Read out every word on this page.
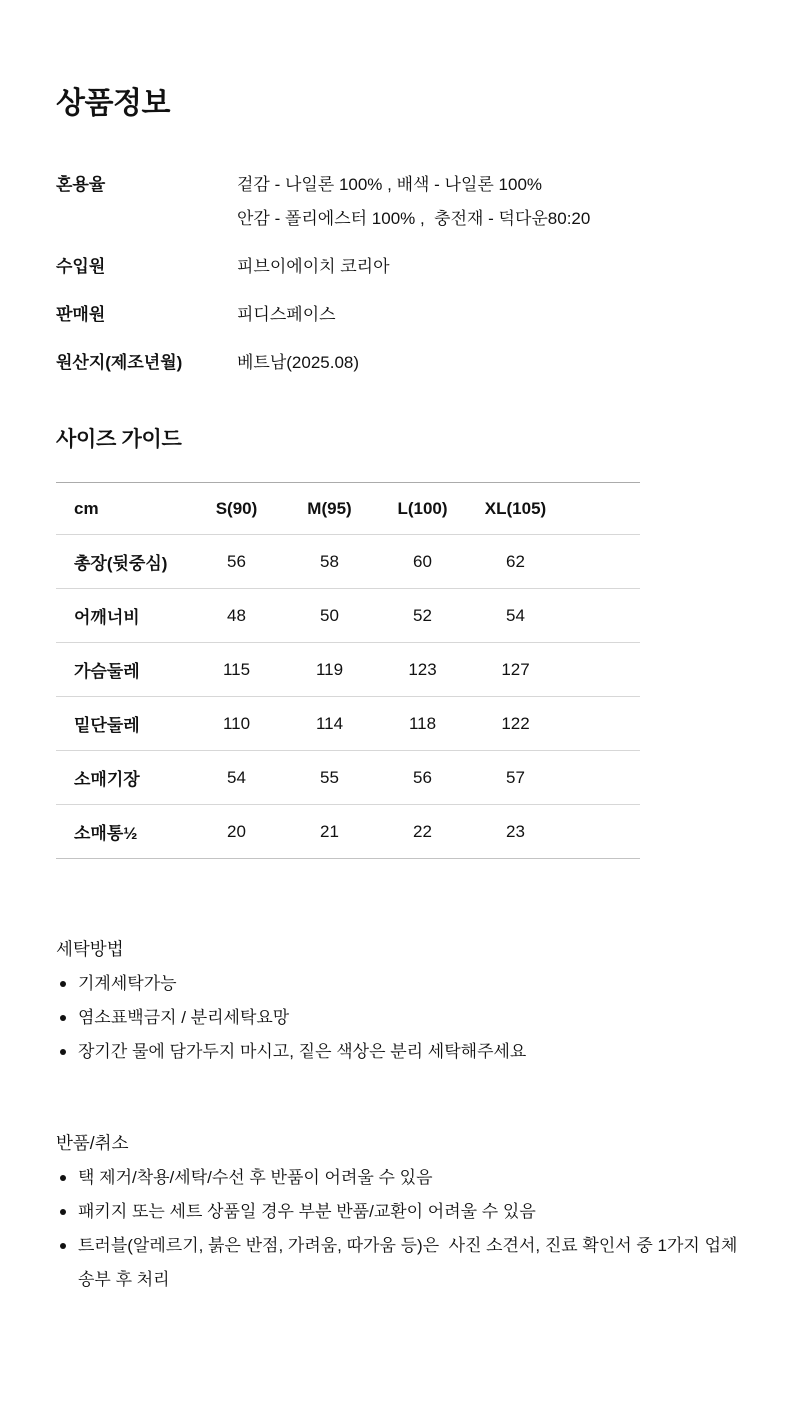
상품정보
혼용율	겉감 - 나일론 100% , 배색 - 나일론 100%
안감 - 폴리에스터 100% ,  충전재 - 덕다운80:20
수입원	피브이에이치 코리아
판매원	피디스페이스
원산지(제조년월)	베트남(2025.08)
사이즈 가이드
cm	S(90)	M(95)	L(100)	XL(105)	
총장(뒷중심)	56	58	60	62	
어깨너비	48	50	52	54	
가슴둘레	115	119	123	127	
밑단둘레	110	114	118	122	
소매기장	54	55	56	57	
소매통½	20	21	22	23	
세탁방법
기계세탁가능
염소표백금지 / 분리세탁요망
장기간 물에 담가두지 마시고, 짙은 색상은 분리 세탁해주세요
반품/취소
택 제거/착용/세탁/수선 후 반품이 어려울 수 있음
패키지 또는 세트 상품일 경우 부분 반품/교환이 어려울 수 있음
트러블(알레르기, 붉은 반점, 가려움, 따가움 등)은  사진 소견서, 진료 확인서 중 1가지 업체 송부 후 처리
